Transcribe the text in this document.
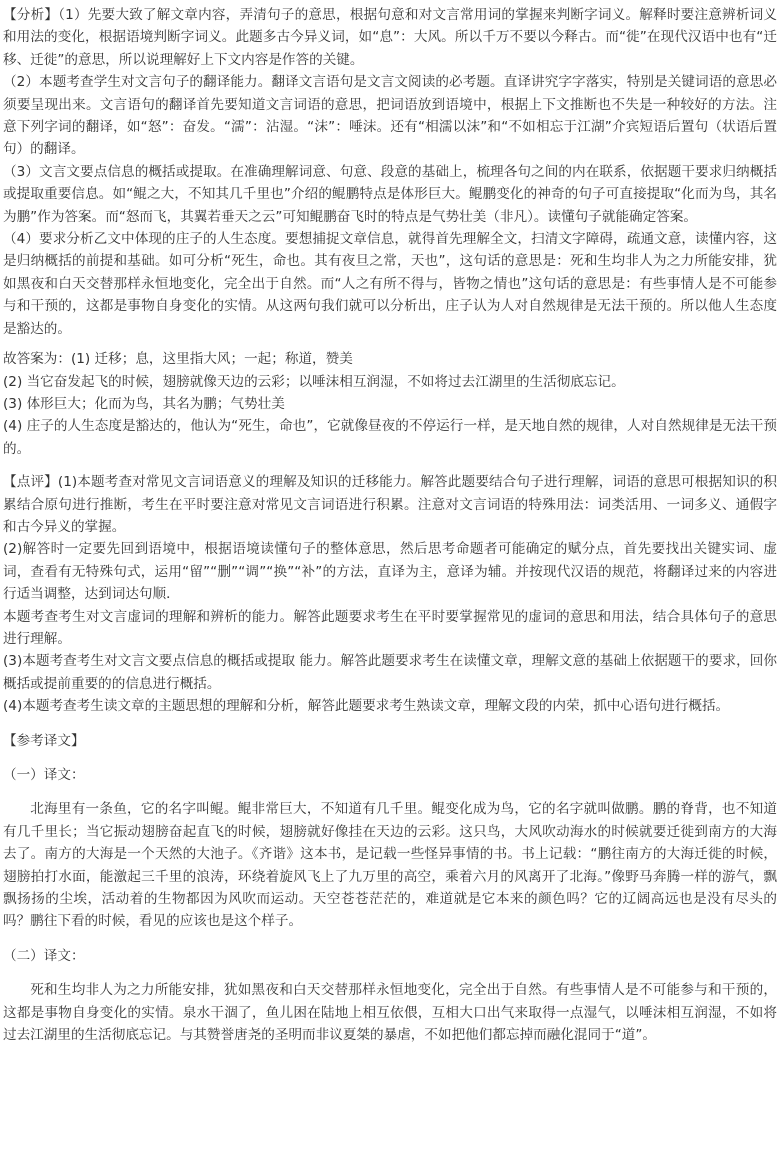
【分析】（1）先要大致了解文章内容，弄清句子的意思，根据句意和对文言常用词的掌握来判断字词义。解释时要注意辨析词义和用法的变化，根据语境判断字词义。此题多古今异义词，如“息”：大风。所以千万不要以今释古。而“徙”在现代汉语中也有“迁移、迁徙”的意思，所以说理解好上下文内容是作答的关键。

（2）本题考查学生对文言句子的翻译能力。翻译文言语句是文言文阅读的必考题。直译讲究字字落实，特别是关键词语的意思必须要呈现出来。文言语句的翻译首先要知道文言词语的意思，把词语放到语境中，根据上下文推断也不失是一种较好的方法。注意下列字词的翻译，如“怒”：奋发。“濡”：沾湿。“沫”：唾沫。还有“相濡以沫”和“不如相忘于江湖”介宾短语后置句（状语后置句）的翻译。

（3）文言文要点信息的概括或提取。在准确理解词意、句意、段意的基础上，梳理各句之间的内在联系，依据题干要求归纳概括或提取重要信息。如“鲲之大，不知其几千里也”介绍的鲲鹏特点是体形巨大。鲲鹏变化的神奇的句子可直接提取“化而为鸟，其名为鹏”作为答案。而“怒而飞，其翼若垂天之云”可知鲲鹏奋飞时的特点是气势壮美（非凡）。读懂句子就能确定答案。

（4）要求分析乙文中体现的庄子的人生态度。要想捕捉文章信息，就得首先理解全文，扫清文字障碍，疏通文意，读懂内容，这是归纳概括的前提和基础。如可分析“死生，命也。其有夜旦之常，天也”，这句话的意思是：死和生均非人为之力所能安排，犹如黑夜和白天交替那样永恒地变化，完全出于自然。而“人之有所不得与，皆物之情也”这句话的意思是：有些事情人是不可能参与和干预的，这都是事物自身变化的实情。从这两句我们就可以分析出，庄子认为人对自然规律是无法干预的。所以他人生态度是豁达的。

故答案为：(1) 迁移；息，这里指大风；一起；称道，赞美

(2) 当它奋发起飞的时候，翅膀就像天边的云彩；以唾沫相互润湿，不如将过去江湖里的生活彻底忘记。

(3) 体形巨大；化而为鸟，其名为鹏；气势壮美

(4) 庄子的人生态度是豁达的，他认为“死生，命也”，它就像昼夜的不停运行一样，是天地自然的规律，人对自然规律是无法干预的。

【点评】(1)本题考查对常见文言词语意义的理解及知识的迁移能力。解答此题要结合句子进行理解，词语的意思可根据知识的积累结合原句进行推断，考生在平时要注意对常见文言词语进行积累。注意对文言词语的特殊用法：词类活用、一词多义、通假字和古今异义的掌握。

(2)解答时一定要先回到语境中，根据语境读懂句子的整体意思，然后思考命题者可能确定的赋分点，首先要找出关键实词、虚词，查看有无特殊句式，运用“留”“删”“调”“换”“补”的方法，直译为主，意译为辅。并按现代汉语的规范，将翻译过来的内容进行适当调整，达到词达句顺．

本题考查考生对文言虚词的理解和辨析的能力。解答此题要求考生在平时要掌握常见的虚词的意思和用法，结合具体句子的意思进行理解。

(3)本题考查考生对文言文要点信息的概括或提取 能力。解答此题要求考生在读懂文章，理解文意的基础上依据题干的要求，回你概括或提前重要的的信息进行概括。

(4)本题考查考生读文章的主题思想的理解和分析，解答此题要求考生熟读文章，理解文段的内荣，抓中心语句进行概括。

【参考译文】

（一）译文：

北海里有一条鱼，它的名字叫鲲。鲲非常巨大，不知道有几千里。鲲变化成为鸟，它的名字就叫做鹏。鹏的脊背，也不知道有几千里长；当它振动翅膀奋起直飞的时候，翅膀就好像挂在天边的云彩。这只鸟，大风吹动海水的时候就要迁徙到南方的大海去了。南方的大海是一个天然的大池子。《齐谐》这本书，是记载一些怪异事情的书。书上记载：“鹏往南方的大海迁徙的时候，翅膀拍打水面，能激起三千里的浪涛，环绕着旋风飞上了九万里的高空，乘着六月的风离开了北海。”像野马奔腾一样的游气，飘飘扬扬的尘埃，活动着的生物都因为风吹而运动。天空苍苍茫茫的，难道就是它本来的颜色吗？它的辽阔高远也是没有尽头的吗？鹏往下看的时候，看见的应该也是这个样子。

（二）译文：

死和生均非人为之力所能安排，犹如黑夜和白天交替那样永恒地变化，完全出于自然。有些事情人是不可能参与和干预的，这都是事物自身变化的实情。泉水干涸了，鱼儿困在陆地上相互依偎，互相大口出气来取得一点湿气，以唾沫相互润湿，不如将过去江湖里的生活彻底忘记。与其赞誉唐尧的圣明而非议夏桀的暴虐，不如把他们都忘掉而融化混同于“道”。
